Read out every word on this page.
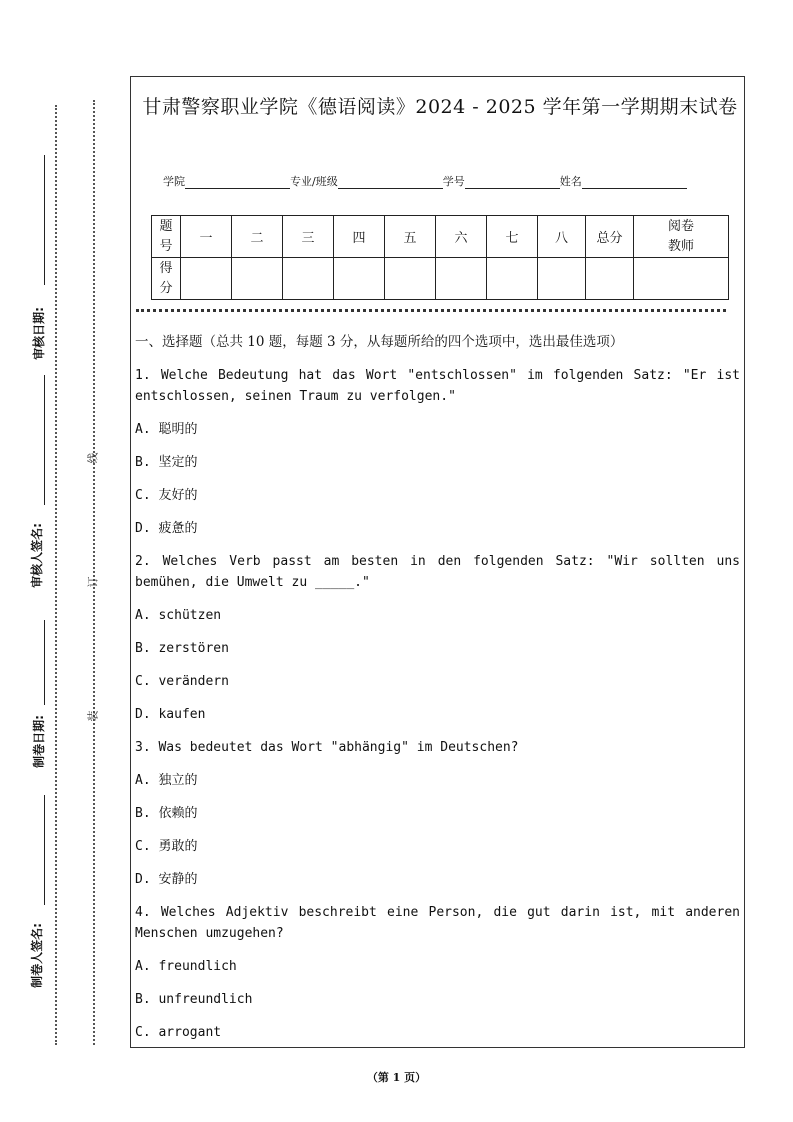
审核日期:
审核人签名:
制卷日期:
制卷人签名:
线
订
装
甘肃警察职业学院《德语阅读》2024 - 2025 学年第一学期期末试卷
学院	专业/班级	学号	姓名
题号	一	二	三	四	五	六	七	八	总分	阅卷教师
得分										
一、选择题（总共 10 题，每题 3 分，从每题所给的四个选项中，选出最佳选项）
1. Welche Bedeutung hat das Wort "entschlossen" im folgenden Satz: "Er ist entschlossen, seinen Traum zu verfolgen."
A. 聪明的
B. 坚定的
C. 友好的
D. 疲惫的
2. Welches Verb passt am besten in den folgenden Satz: "Wir sollten uns bemühen, die Umwelt zu _____."
A. schützen
B. zerstören
C. verändern
D. kaufen
3. Was bedeutet das Wort "abhängig" im Deutschen?
A. 独立的
B. 依赖的
C. 勇敢的
D. 安静的
4. Welches Adjektiv beschreibt eine Person, die gut darin ist, mit anderen Menschen umzugehen?
A. freundlich
B. unfreundlich
C. arrogant
（第 1 页）
